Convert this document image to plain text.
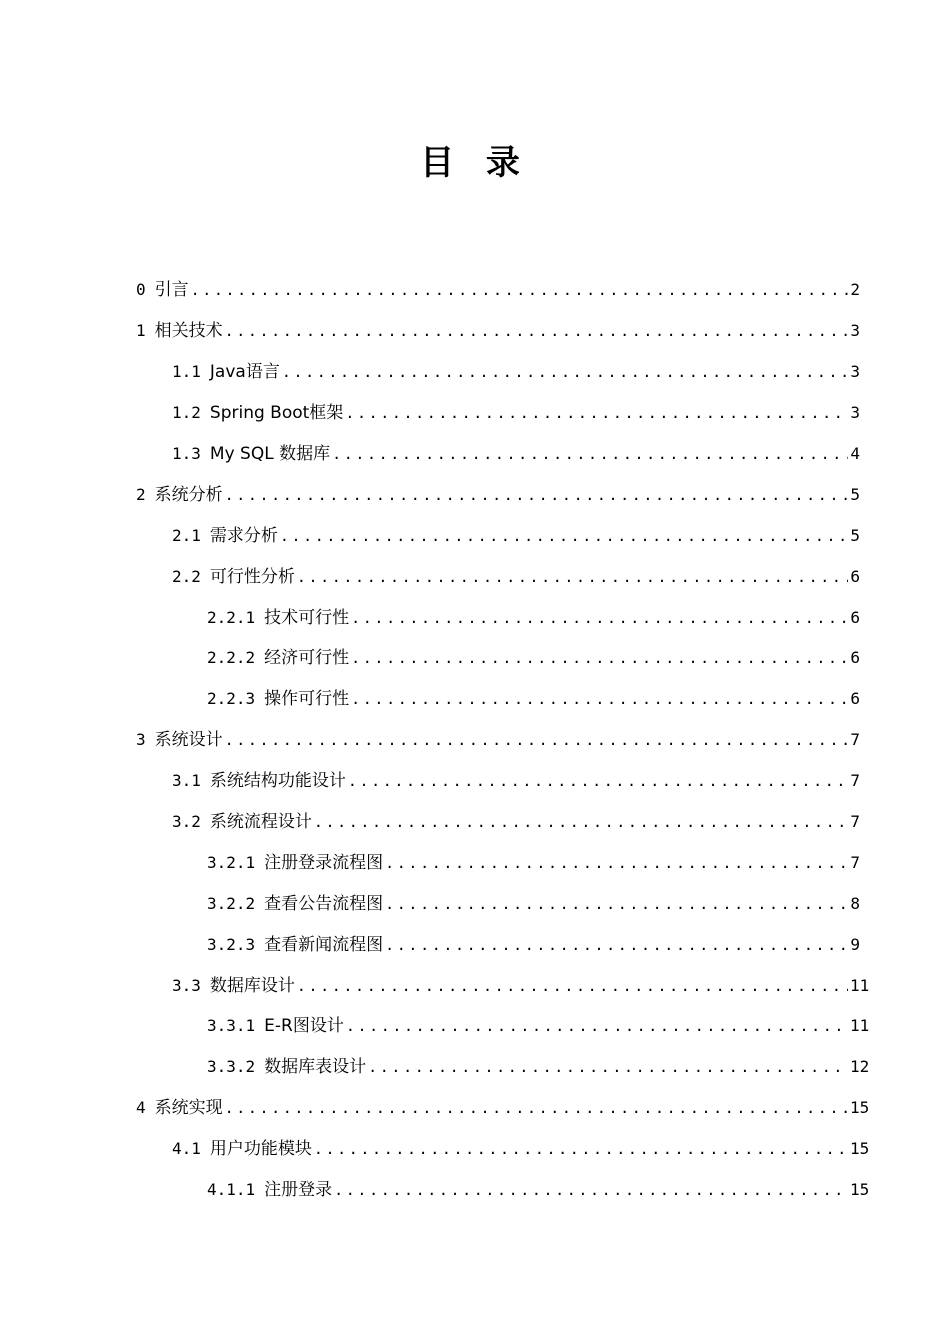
目 录
0 引言 .....	2
1 相关技术 .....	3
1.1 Java语言 .....	3
1.2 Spring Boot框架 .....	3
1.3 My SQL 数据库 .....	4
2 系统分析 .....	5
2.1 需求分析 .....	5
2.2 可行性分析 .....	6
2.2.1 技术可行性 .....	6
2.2.2 经济可行性 .....	6
2.2.3 操作可行性 .....	6
3 系统设计 .....	7
3.1 系统结构功能设计 .....	7
3.2 系统流程设计 .....	7
3.2.1 注册登录流程图 .....	7
3.2.2 查看公告流程图 .....	8
3.2.3 查看新闻流程图 .....	9
3.3 数据库设计 .....	11
3.3.1 E-R图设计 .....	11
3.3.2 数据库表设计 .....	12
4 系统实现 .....	15
4.1 用户功能模块 .....	15
4.1.1 注册登录 .....	15
